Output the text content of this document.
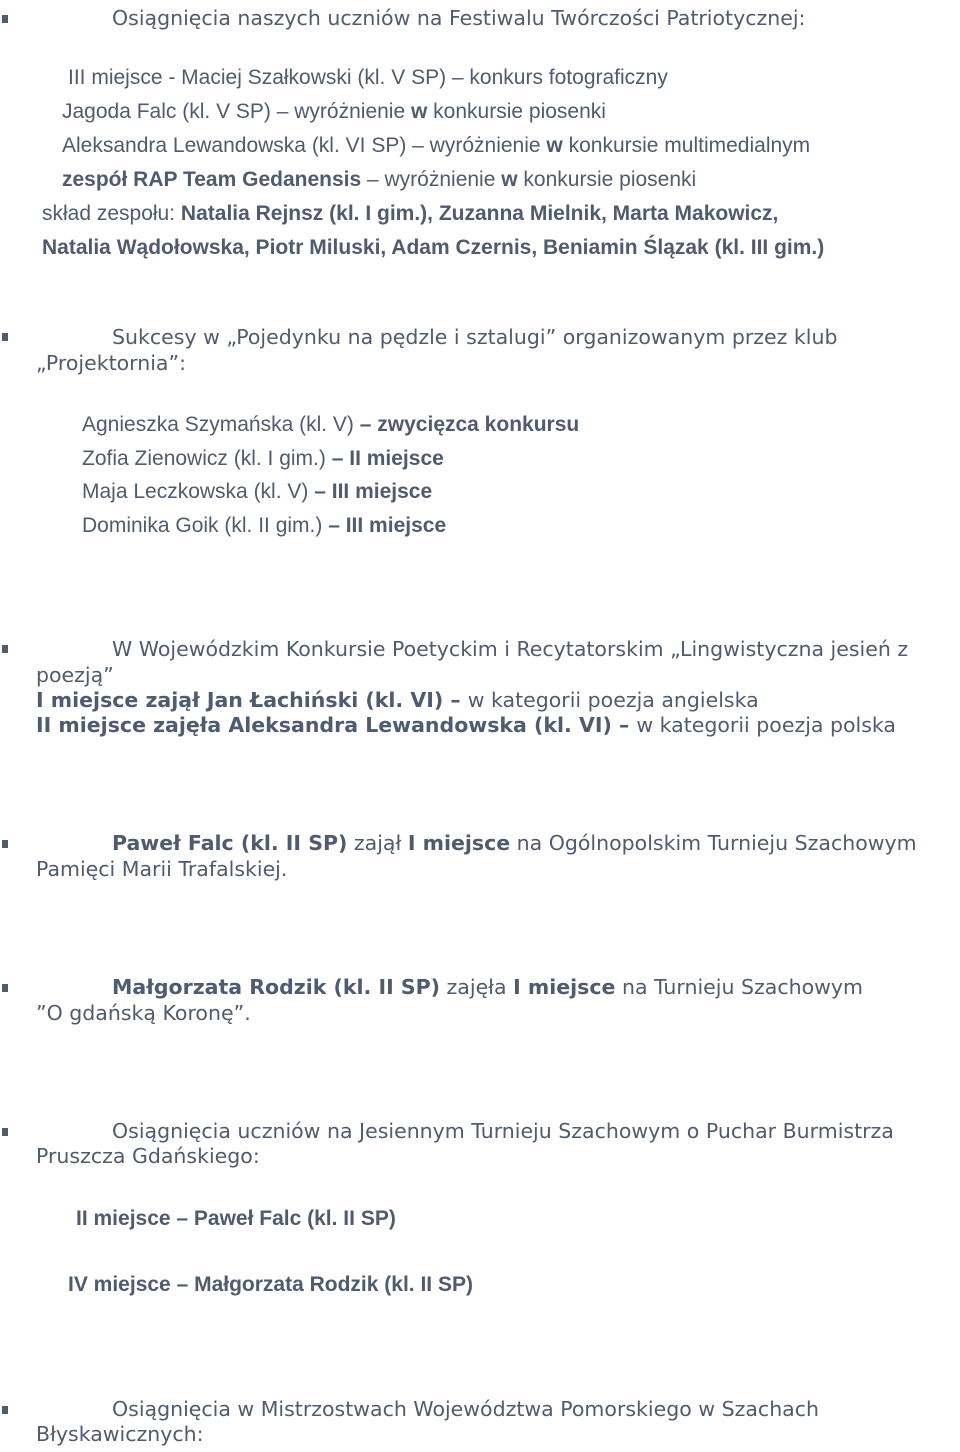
Osiągnięcia naszych uczniów na Festiwalu Twórczości Patriotycznej:
III miejsce - Maciej Szałkowski (kl. V SP) – konkurs fotograficzny
Jagoda Falc (kl. V SP) – wyróżnienie w konkursie piosenki
Aleksandra Lewandowska (kl. VI SP) – wyróżnienie w konkursie multimedialnym
zespół RAP Team Gedanensis – wyróżnienie w konkursie piosenki
skład zespołu: Natalia Rejnsz (kl. I gim.), Zuzanna Mielnik, Marta Makowicz,
Natalia Wądołowska, Piotr Miluski, Adam Czernis, Beniamin Ślązak (kl. III gim.)
Sukcesy w „Pojedynku na pędzle i sztalugi” organizowanym przez klub
„Projektornia”:
Agnieszka Szymańska (kl. V) – zwycięzca konkursu
Zofia Zienowicz (kl. I gim.) – II miejsce
Maja Leczkowska (kl. V) – III miejsce
Dominika Goik (kl. II gim.) – III miejsce
W Wojewódzkim Konkursie Poetyckim i Recytatorskim „Lingwistyczna jesień z
poezją”
I miejsce zajął Jan Łachiński (kl. VI) – w kategorii poezja angielska
II miejsce zajęła Aleksandra Lewandowska (kl. VI) – w kategorii poezja polska
Paweł Falc (kl. II SP) zajął I miejsce na Ogólnopolskim Turnieju Szachowym
Pamięci Marii Trafalskiej.
Małgorzata Rodzik (kl. II SP) zajęła I miejsce na Turnieju Szachowym
”O gdańską Koronę”.
Osiągnięcia uczniów na Jesiennym Turnieju Szachowym o Puchar Burmistrza
Pruszcza Gdańskiego:
II miejsce – Paweł Falc (kl. II SP)
IV miejsce – Małgorzata Rodzik (kl. II SP)
Osiągnięcia w Mistrzostwach Województwa Pomorskiego w Szachach
Błyskawicznych:
